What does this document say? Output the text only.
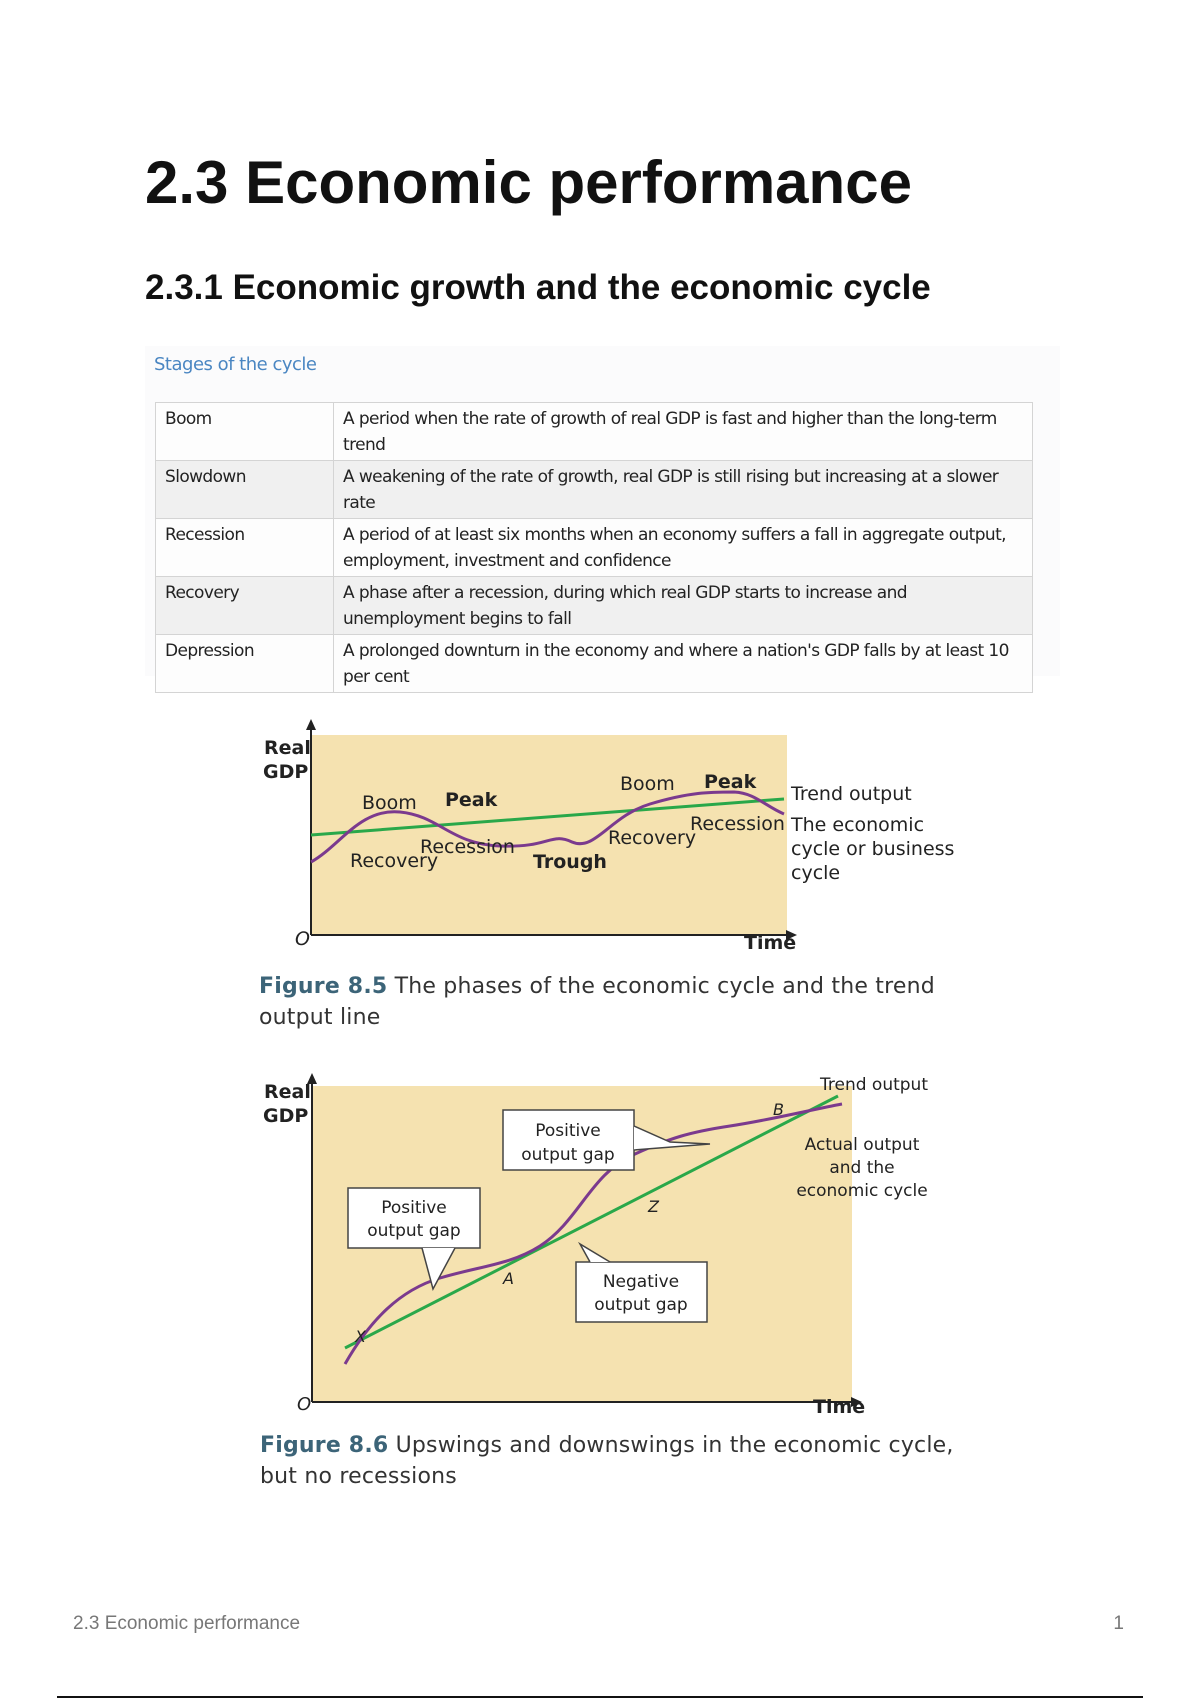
2.3 Economic performance
2.3.1 Economic growth and the economic cycle
Stages of the cycle
Boom	A period when the rate of growth of real GDP is fast and higher than the long-term trend
Slowdown	A weakening of the rate of growth, real GDP is still rising but increasing at a slower rate
Recession	A period of at least six months when an economy suffers a fall in aggregate output, employment, investment and confidence
Recovery	A phase after a recession, during which real GDP starts to increase and unemployment begins to fall
Depression	A prolonged downturn in the economy and where a nation's GDP falls by at least 10 per cent
Real
GDP
O	Time
Boom Peak
Recession
Recovery	Trough
Boom Peak
Recovery
Recession
Trend output
The economic
cycle or business
cycle
Figure 8.5 The phases of the economic cycle and the trend
output line
Positive
output gap
Positive
output gap
Negative
output gap
X
A
Z
B
Real
GDP
O	Time
Trend output
Actual output
and the
economic cycle
Figure 8.6 Upswings and downswings in the economic cycle,
but no recessions
2.3 Economic performance	1
